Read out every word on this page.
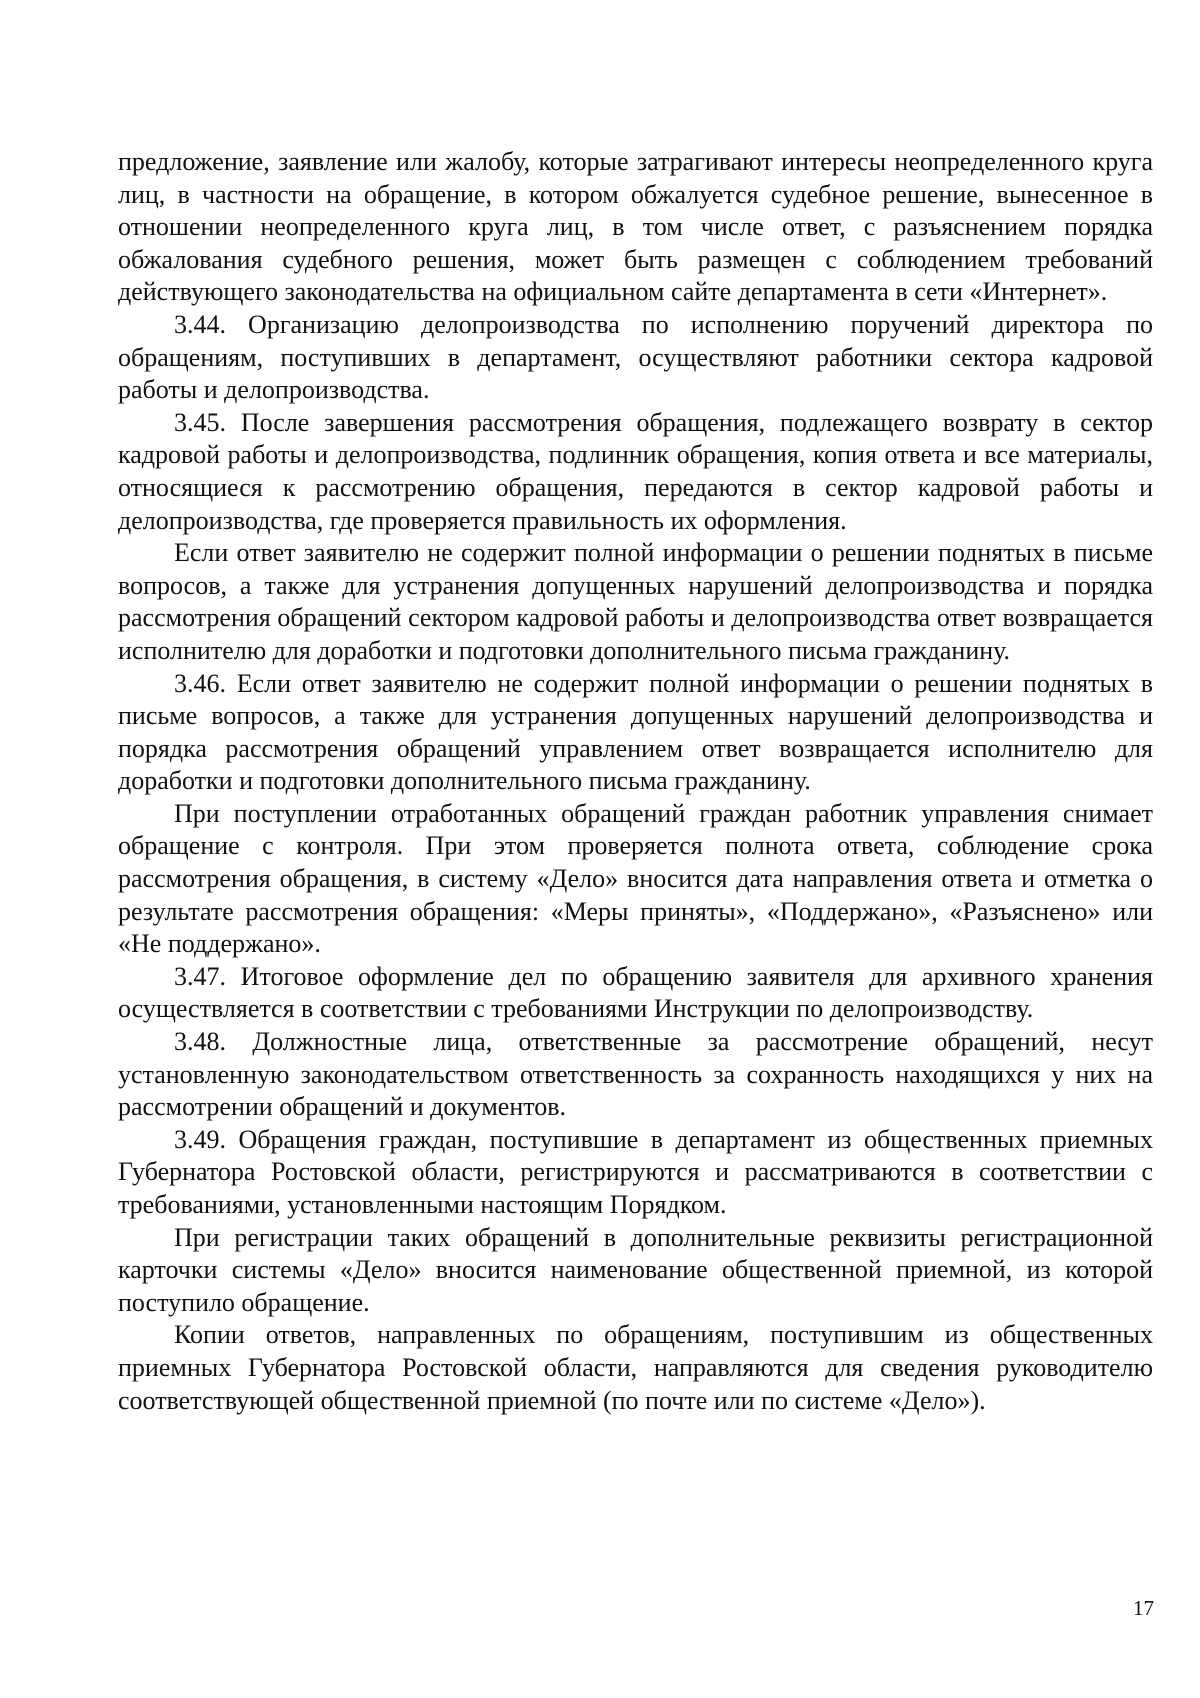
предложение, заявление или жалобу, которые затрагивают интересы неопределенного круга лиц, в частности на обращение, в котором обжалуется судебное решение, вынесенное в отношении неопределенного круга лиц, в том числе ответ, с разъяснением порядка обжалования судебного решения, может быть размещен с соблюдением требований действующего законодательства на официальном сайте департамента в сети «Интернет».

3.44. Организацию делопроизводства по исполнению поручений директора по обращениям, поступивших в департамент, осуществляют работники сектора кадровой работы и делопроизводства.

3.45. После завершения рассмотрения обращения, подлежащего возврату в сектор кадровой работы и делопроизводства, подлинник обращения, копия ответа и все материалы, относящиеся к рассмотрению обращения, передаются в сектор кадровой работы и делопроизводства, где проверяется правильность их оформления.

Если ответ заявителю не содержит полной информации о решении поднятых в письме вопросов, а также для устранения допущенных нарушений делопроизводства и порядка рассмотрения обращений сектором кадровой работы и делопроизводства ответ возвращается исполнителю для доработки и подготовки дополнительного письма гражданину.

3.46. Если ответ заявителю не содержит полной информации о решении поднятых в письме вопросов, а также для устранения допущенных нарушений делопроизводства и порядка рассмотрения обращений управлением ответ возвращается исполнителю для доработки и подготовки дополнительного письма гражданину.

При поступлении отработанных обращений граждан работник управления снимает обращение с контроля. При этом проверяется полнота ответа, соблюдение срока рассмотрения обращения, в систему «Дело» вносится дата направления ответа и отметка о результате рассмотрения обращения: «Меры приняты», «Поддержано», «Разъяснено» или «Не поддержано».

3.47. Итоговое оформление дел по обращению заявителя для архивного хранения осуществляется в соответствии с требованиями Инструкции по делопроизводству.

3.48. Должностные лица, ответственные за рассмотрение обращений, несут установленную законодательством ответственность за сохранность находящихся у них на рассмотрении обращений и документов.

3.49. Обращения граждан, поступившие в департамент из общественных приемных Губернатора Ростовской области, регистрируются и рассматриваются в соответствии с требованиями, установленными настоящим Порядком.

При регистрации таких обращений в дополнительные реквизиты регистрационной карточки системы «Дело» вносится наименование общественной приемной, из которой поступило обращение.

Копии ответов, направленных по обращениям, поступившим из общественных приемных Губернатора Ростовской области, направляются для сведения руководителю соответствующей общественной приемной (по почте или по системе «Дело»).

17
